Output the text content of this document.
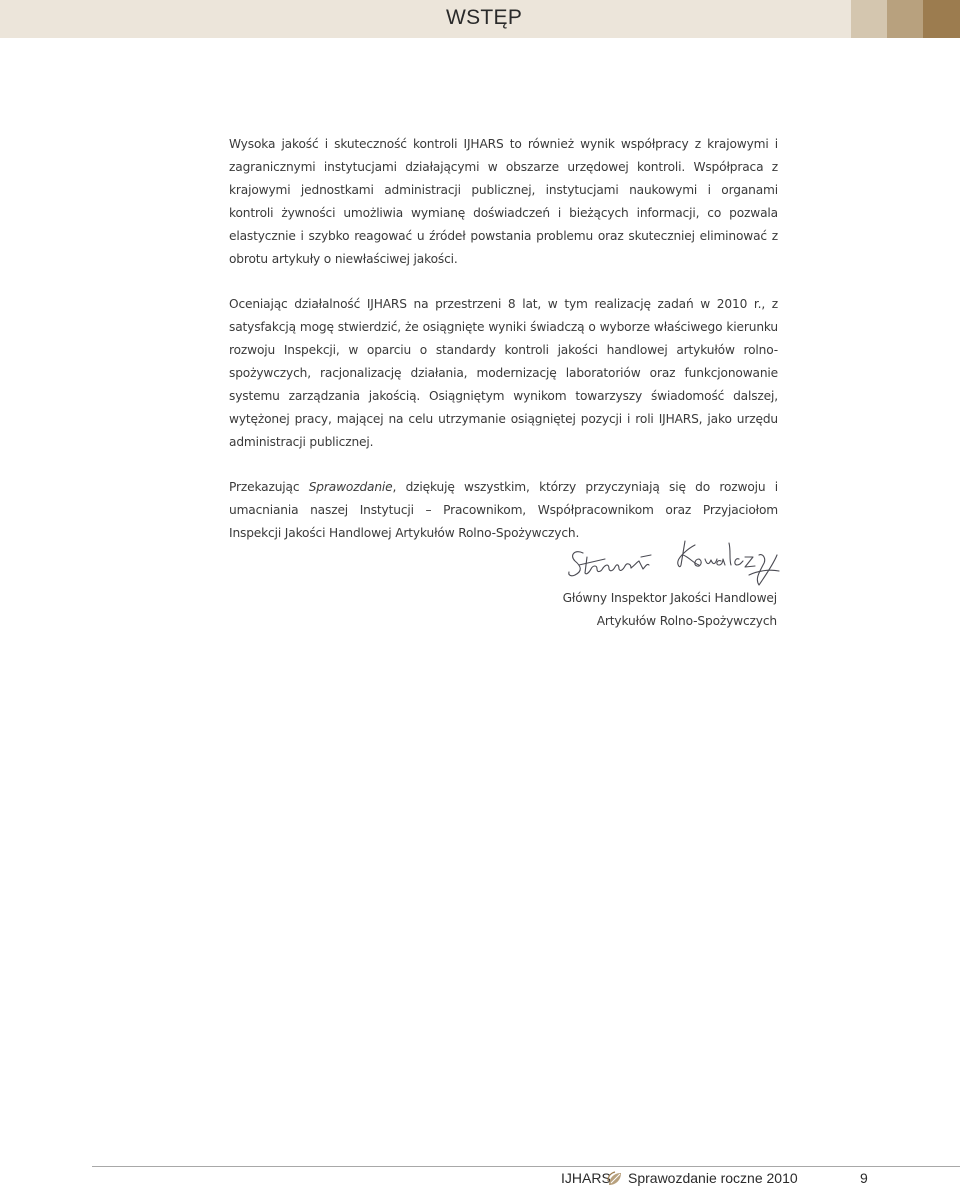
WSTĘP

Wysoka jakość i skuteczność kontroli IJHARS to również wynik współpracy z krajowymi i zagranicznymi instytucjami działającymi w obszarze urzędowej kontroli. Współpraca z krajowymi jednostkami administracji publicznej, instytucjami naukowymi i organami kontroli żywności umożliwia wymianę doświadczeń i bieżących informacji, co pozwala elastycznie i szybko reagować u źródeł powstania problemu oraz skuteczniej eliminować z obrotu artykuły o niewłaściwej jakości.

Oceniając działalność IJHARS na przestrzeni 8 lat, w tym realizację zadań w 2010 r., z satysfakcją mogę stwierdzić, że osiągnięte wyniki świadczą o wyborze właściwego kierunku rozwoju Inspekcji, w oparciu o standardy kontroli jakości handlowej artykułów rolno-spożywczych, racjonalizację działania, modernizację laboratoriów oraz funkcjonowanie systemu zarządzania jakością. Osiągniętym wynikom towarzyszy świadomość dalszej, wytężonej pracy, mającej na celu utrzymanie osiągniętej pozycji i roli IJHARS, jako urzędu administracji publicznej.

Przekazując Sprawozdanie, dziękuję wszystkim, którzy przyczyniają się do rozwoju i umacniania naszej Instytucji – Pracownikom, Współpracownikom oraz Przyjaciołom Inspekcji Jakości Handlowej Artykułów Rolno-Spożywczych.

Główny Inspektor Jakości Handlowej
Artykułów Rolno-Spożywczych
IJHARS Sprawozdanie roczne 2010	9
